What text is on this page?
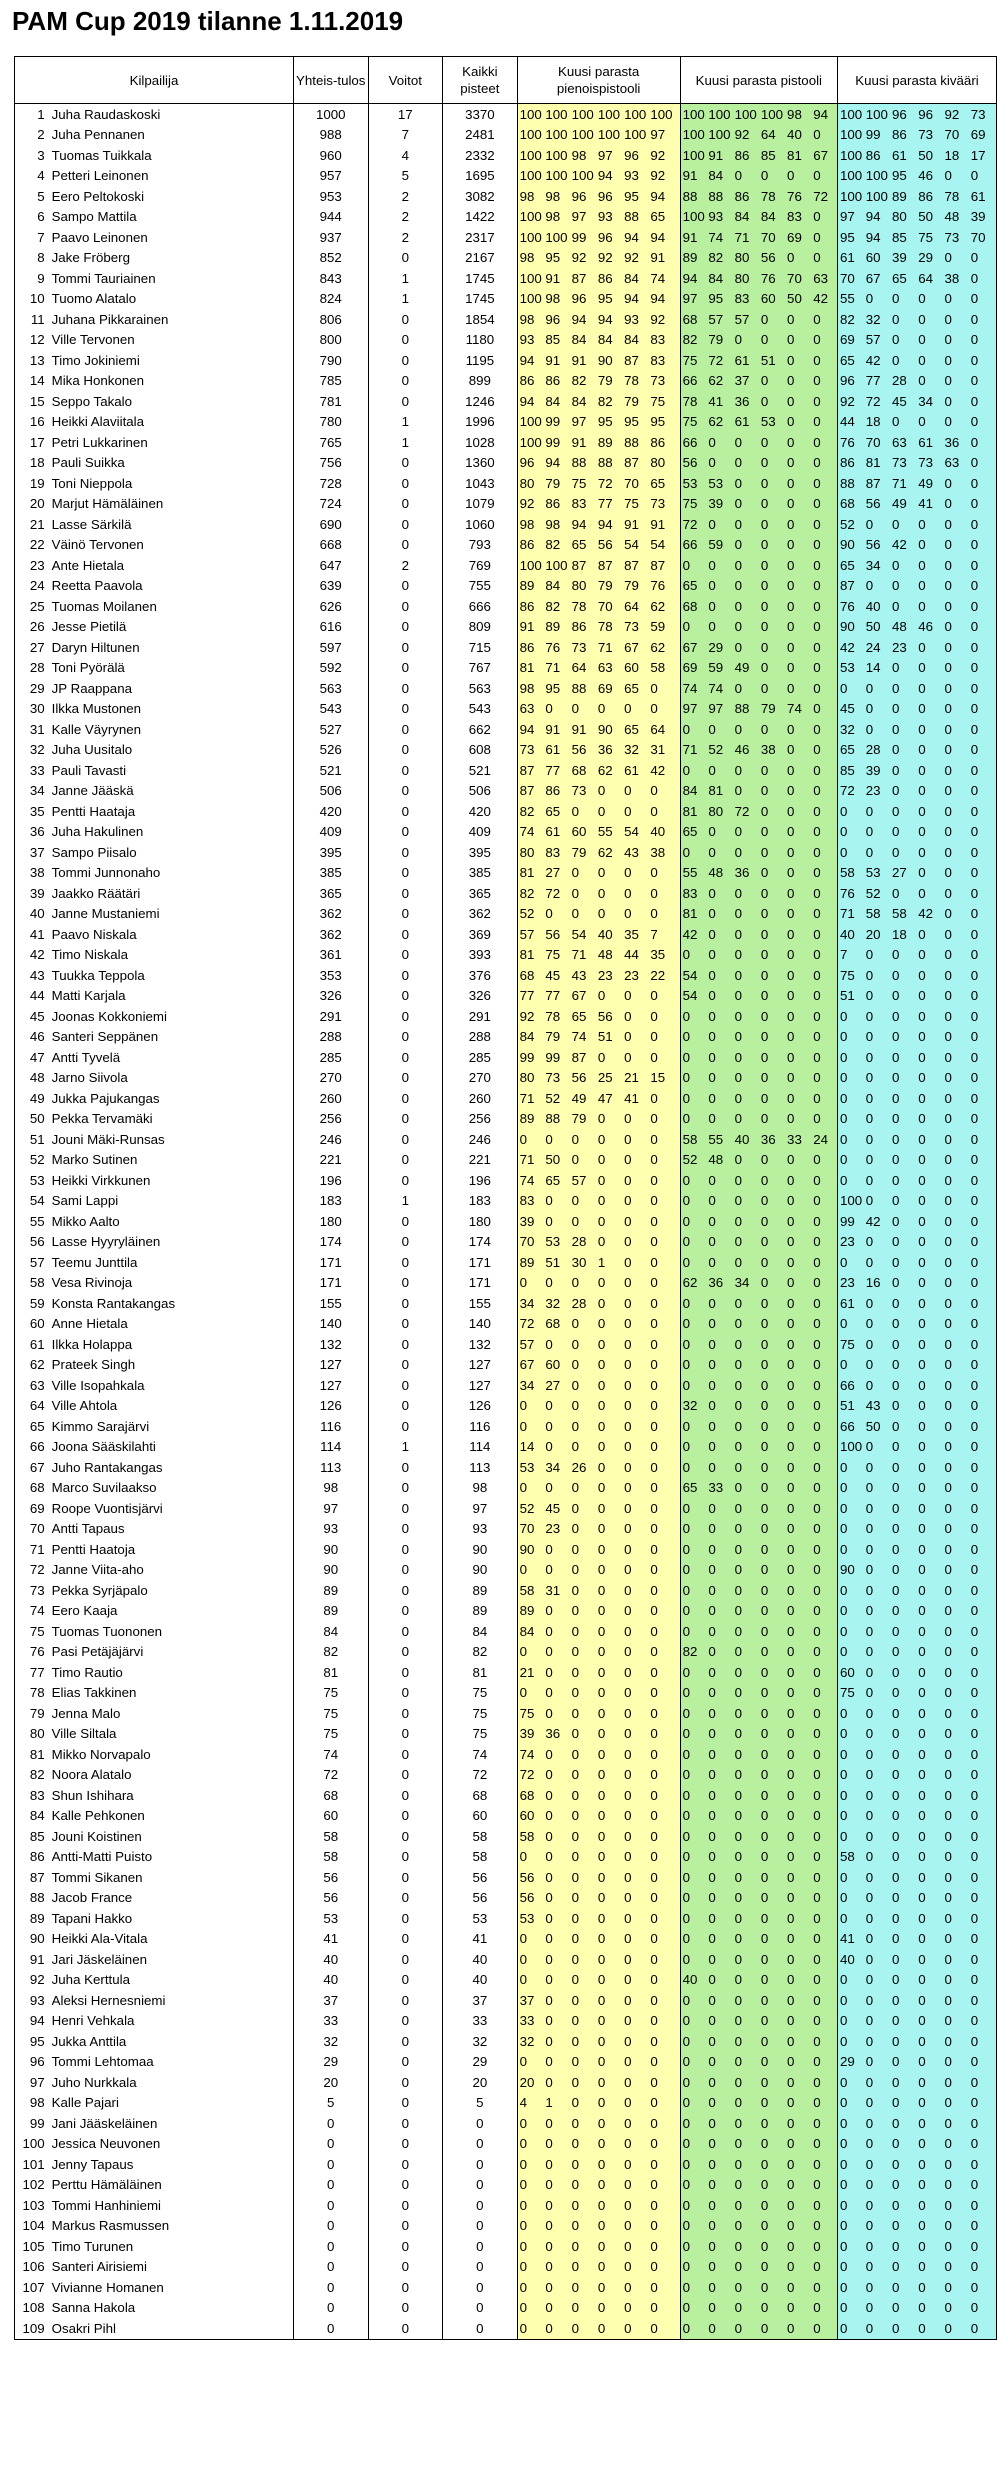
PAM Cup 2019 tilanne 1.11.2019
Kilpailija		Yhteis-tulos	Voitot	Kaikki pisteet	Kuusi parasta pienoispistooli						Kuusi parasta pistooli						Kuusi parasta kivääri					
1	Juha Raudaskoski	1000	17	3370	100	100	100	100	100	100	100	100	100	100	98	94	100	100	96	96	92	73
2	Juha Pennanen	988	7	2481	100	100	100	100	100	97	100	100	92	64	40	0	100	99	86	73	70	69
3	Tuomas Tuikkala	960	4	2332	100	100	98	97	96	92	100	91	86	85	81	67	100	86	61	50	18	17
4	Petteri Leinonen	957	5	1695	100	100	100	94	93	92	91	84	0	0	0	0	100	100	95	46	0	0
5	Eero Peltokoski	953	2	3082	98	98	96	96	95	94	88	88	86	78	76	72	100	100	89	86	78	61
6	Sampo Mattila	944	2	1422	100	98	97	93	88	65	100	93	84	84	83	0	97	94	80	50	48	39
7	Paavo Leinonen	937	2	2317	100	100	99	96	94	94	91	74	71	70	69	0	95	94	85	75	73	70
8	Jake Fröberg	852	0	2167	98	95	92	92	92	91	89	82	80	56	0	0	61	60	39	29	0	0
9	Tommi Tauriainen	843	1	1745	100	91	87	86	84	74	94	84	80	76	70	63	70	67	65	64	38	0
10	Tuomo Alatalo	824	1	1745	100	98	96	95	94	94	97	95	83	60	50	42	55	0	0	0	0	0
11	Juhana Pikkarainen	806	0	1854	98	96	94	94	93	92	68	57	57	0	0	0	82	32	0	0	0	0
12	Ville Tervonen	800	0	1180	93	85	84	84	84	83	82	79	0	0	0	0	69	57	0	0	0	0
13	Timo Jokiniemi	790	0	1195	94	91	91	90	87	83	75	72	61	51	0	0	65	42	0	0	0	0
14	Mika Honkonen	785	0	899	86	86	82	79	78	73	66	62	37	0	0	0	96	77	28	0	0	0
15	Seppo Takalo	781	0	1246	94	84	84	82	79	75	78	41	36	0	0	0	92	72	45	34	0	0
16	Heikki Alaviitala	780	1	1996	100	99	97	95	95	95	75	62	61	53	0	0	44	18	0	0	0	0
17	Petri Lukkarinen	765	1	1028	100	99	91	89	88	86	66	0	0	0	0	0	76	70	63	61	36	0
18	Pauli Suikka	756	0	1360	96	94	88	88	87	80	56	0	0	0	0	0	86	81	73	73	63	0
19	Toni Nieppola	728	0	1043	80	79	75	72	70	65	53	53	0	0	0	0	88	87	71	49	0	0
20	Marjut Hämäläinen	724	0	1079	92	86	83	77	75	73	75	39	0	0	0	0	68	56	49	41	0	0
21	Lasse Särkilä	690	0	1060	98	98	94	94	91	91	72	0	0	0	0	0	52	0	0	0	0	0
22	Väinö Tervonen	668	0	793	86	82	65	56	54	54	66	59	0	0	0	0	90	56	42	0	0	0
23	Ante Hietala	647	2	769	100	100	87	87	87	87	0	0	0	0	0	0	65	34	0	0	0	0
24	Reetta Paavola	639	0	755	89	84	80	79	79	76	65	0	0	0	0	0	87	0	0	0	0	0
25	Tuomas Moilanen	626	0	666	86	82	78	70	64	62	68	0	0	0	0	0	76	40	0	0	0	0
26	Jesse Pietilä	616	0	809	91	89	86	78	73	59	0	0	0	0	0	0	90	50	48	46	0	0
27	Daryn Hiltunen	597	0	715	86	76	73	71	67	62	67	29	0	0	0	0	42	24	23	0	0	0
28	Toni Pyörälä	592	0	767	81	71	64	63	60	58	69	59	49	0	0	0	53	14	0	0	0	0
29	JP Raappana	563	0	563	98	95	88	69	65	0	74	74	0	0	0	0	0	0	0	0	0	0
30	Ilkka Mustonen	543	0	543	63	0	0	0	0	0	97	97	88	79	74	0	45	0	0	0	0	0
31	Kalle Väyrynen	527	0	662	94	91	91	90	65	64	0	0	0	0	0	0	32	0	0	0	0	0
32	Juha Uusitalo	526	0	608	73	61	56	36	32	31	71	52	46	38	0	0	65	28	0	0	0	0
33	Pauli Tavasti	521	0	521	87	77	68	62	61	42	0	0	0	0	0	0	85	39	0	0	0	0
34	Janne Jääskä	506	0	506	87	86	73	0	0	0	84	81	0	0	0	0	72	23	0	0	0	0
35	Pentti Haataja	420	0	420	82	65	0	0	0	0	81	80	72	0	0	0	0	0	0	0	0	0
36	Juha Hakulinen	409	0	409	74	61	60	55	54	40	65	0	0	0	0	0	0	0	0	0	0	0
37	Sampo Piisalo	395	0	395	80	83	79	62	43	38	0	0	0	0	0	0	0	0	0	0	0	0
38	Tommi Junnonaho	385	0	385	81	27	0	0	0	0	55	48	36	0	0	0	58	53	27	0	0	0
39	Jaakko Räätäri	365	0	365	82	72	0	0	0	0	83	0	0	0	0	0	76	52	0	0	0	0
40	Janne Mustaniemi	362	0	362	52	0	0	0	0	0	81	0	0	0	0	0	71	58	58	42	0	0
41	Paavo Niskala	362	0	369	57	56	54	40	35	7	42	0	0	0	0	0	40	20	18	0	0	0
42	Timo Niskala	361	0	393	81	75	71	48	44	35	0	0	0	0	0	0	7	0	0	0	0	0
43	Tuukka Teppola	353	0	376	68	45	43	23	23	22	54	0	0	0	0	0	75	0	0	0	0	0
44	Matti Karjala	326	0	326	77	77	67	0	0	0	54	0	0	0	0	0	51	0	0	0	0	0
45	Joonas Kokkoniemi	291	0	291	92	78	65	56	0	0	0	0	0	0	0	0	0	0	0	0	0	0
46	Santeri Seppänen	288	0	288	84	79	74	51	0	0	0	0	0	0	0	0	0	0	0	0	0	0
47	Antti Tyvelä	285	0	285	99	99	87	0	0	0	0	0	0	0	0	0	0	0	0	0	0	0
48	Jarno Siivola	270	0	270	80	73	56	25	21	15	0	0	0	0	0	0	0	0	0	0	0	0
49	Jukka Pajukangas	260	0	260	71	52	49	47	41	0	0	0	0	0	0	0	0	0	0	0	0	0
50	Pekka Tervamäki	256	0	256	89	88	79	0	0	0	0	0	0	0	0	0	0	0	0	0	0	0
51	Jouni Mäki-Runsas	246	0	246	0	0	0	0	0	0	58	55	40	36	33	24	0	0	0	0	0	0
52	Marko Sutinen	221	0	221	71	50	0	0	0	0	52	48	0	0	0	0	0	0	0	0	0	0
53	Heikki Virkkunen	196	0	196	74	65	57	0	0	0	0	0	0	0	0	0	0	0	0	0	0	0
54	Sami Lappi	183	1	183	83	0	0	0	0	0	0	0	0	0	0	0	100	0	0	0	0	0
55	Mikko Aalto	180	0	180	39	0	0	0	0	0	0	0	0	0	0	0	99	42	0	0	0	0
56	Lasse Hyyryläinen	174	0	174	70	53	28	0	0	0	0	0	0	0	0	0	23	0	0	0	0	0
57	Teemu Junttila	171	0	171	89	51	30	1	0	0	0	0	0	0	0	0	0	0	0	0	0	0
58	Vesa Rivinoja	171	0	171	0	0	0	0	0	0	62	36	34	0	0	0	23	16	0	0	0	0
59	Konsta Rantakangas	155	0	155	34	32	28	0	0	0	0	0	0	0	0	0	61	0	0	0	0	0
60	Anne Hietala	140	0	140	72	68	0	0	0	0	0	0	0	0	0	0	0	0	0	0	0	0
61	Ilkka Holappa	132	0	132	57	0	0	0	0	0	0	0	0	0	0	0	75	0	0	0	0	0
62	Prateek Singh	127	0	127	67	60	0	0	0	0	0	0	0	0	0	0	0	0	0	0	0	0
63	Ville Isopahkala	127	0	127	34	27	0	0	0	0	0	0	0	0	0	0	66	0	0	0	0	0
64	Ville Ahtola	126	0	126	0	0	0	0	0	0	32	0	0	0	0	0	51	43	0	0	0	0
65	Kimmo Sarajärvi	116	0	116	0	0	0	0	0	0	0	0	0	0	0	0	66	50	0	0	0	0
66	Joona Sääskilahti	114	1	114	14	0	0	0	0	0	0	0	0	0	0	0	100	0	0	0	0	0
67	Juho Rantakangas	113	0	113	53	34	26	0	0	0	0	0	0	0	0	0	0	0	0	0	0	0
68	Marco Suvilaakso	98	0	98	0	0	0	0	0	0	65	33	0	0	0	0	0	0	0	0	0	0
69	Roope Vuontisjärvi	97	0	97	52	45	0	0	0	0	0	0	0	0	0	0	0	0	0	0	0	0
70	Antti Tapaus	93	0	93	70	23	0	0	0	0	0	0	0	0	0	0	0	0	0	0	0	0
71	Pentti Haatoja	90	0	90	90	0	0	0	0	0	0	0	0	0	0	0	0	0	0	0	0	0
72	Janne Viita-aho	90	0	90	0	0	0	0	0	0	0	0	0	0	0	0	90	0	0	0	0	0
73	Pekka Syrjäpalo	89	0	89	58	31	0	0	0	0	0	0	0	0	0	0	0	0	0	0	0	0
74	Eero Kaaja	89	0	89	89	0	0	0	0	0	0	0	0	0	0	0	0	0	0	0	0	0
75	Tuomas Tuononen	84	0	84	84	0	0	0	0	0	0	0	0	0	0	0	0	0	0	0	0	0
76	Pasi Petäjäjärvi	82	0	82	0	0	0	0	0	0	82	0	0	0	0	0	0	0	0	0	0	0
77	Timo Rautio	81	0	81	21	0	0	0	0	0	0	0	0	0	0	0	60	0	0	0	0	0
78	Elias Takkinen	75	0	75	0	0	0	0	0	0	0	0	0	0	0	0	75	0	0	0	0	0
79	Jenna Malo	75	0	75	75	0	0	0	0	0	0	0	0	0	0	0	0	0	0	0	0	0
80	Ville Siltala	75	0	75	39	36	0	0	0	0	0	0	0	0	0	0	0	0	0	0	0	0
81	Mikko Norvapalo	74	0	74	74	0	0	0	0	0	0	0	0	0	0	0	0	0	0	0	0	0
82	Noora Alatalo	72	0	72	72	0	0	0	0	0	0	0	0	0	0	0	0	0	0	0	0	0
83	Shun Ishihara	68	0	68	68	0	0	0	0	0	0	0	0	0	0	0	0	0	0	0	0	0
84	Kalle Pehkonen	60	0	60	60	0	0	0	0	0	0	0	0	0	0	0	0	0	0	0	0	0
85	Jouni Koistinen	58	0	58	58	0	0	0	0	0	0	0	0	0	0	0	0	0	0	0	0	0
86	Antti-Matti Puisto	58	0	58	0	0	0	0	0	0	0	0	0	0	0	0	58	0	0	0	0	0
87	Tommi Sikanen	56	0	56	56	0	0	0	0	0	0	0	0	0	0	0	0	0	0	0	0	0
88	Jacob France	56	0	56	56	0	0	0	0	0	0	0	0	0	0	0	0	0	0	0	0	0
89	Tapani Hakko	53	0	53	53	0	0	0	0	0	0	0	0	0	0	0	0	0	0	0	0	0
90	Heikki Ala-Vitala	41	0	41	0	0	0	0	0	0	0	0	0	0	0	0	41	0	0	0	0	0
91	Jari Jäskeläinen	40	0	40	0	0	0	0	0	0	0	0	0	0	0	0	40	0	0	0	0	0
92	Juha Kerttula	40	0	40	0	0	0	0	0	0	40	0	0	0	0	0	0	0	0	0	0	0
93	Aleksi Hernesniemi	37	0	37	37	0	0	0	0	0	0	0	0	0	0	0	0	0	0	0	0	0
94	Henri Vehkala	33	0	33	33	0	0	0	0	0	0	0	0	0	0	0	0	0	0	0	0	0
95	Jukka Anttila	32	0	32	32	0	0	0	0	0	0	0	0	0	0	0	0	0	0	0	0	0
96	Tommi Lehtomaa	29	0	29	0	0	0	0	0	0	0	0	0	0	0	0	29	0	0	0	0	0
97	Juho Nurkkala	20	0	20	20	0	0	0	0	0	0	0	0	0	0	0	0	0	0	0	0	0
98	Kalle Pajari	5	0	5	4	1	0	0	0	0	0	0	0	0	0	0	0	0	0	0	0	0
99	Jani Jääskeläinen	0	0	0	0	0	0	0	0	0	0	0	0	0	0	0	0	0	0	0	0	0
100	Jessica Neuvonen	0	0	0	0	0	0	0	0	0	0	0	0	0	0	0	0	0	0	0	0	0
101	Jenny Tapaus	0	0	0	0	0	0	0	0	0	0	0	0	0	0	0	0	0	0	0	0	0
102	Perttu Hämäläinen	0	0	0	0	0	0	0	0	0	0	0	0	0	0	0	0	0	0	0	0	0
103	Tommi Hanhiniemi	0	0	0	0	0	0	0	0	0	0	0	0	0	0	0	0	0	0	0	0	0
104	Markus Rasmussen	0	0	0	0	0	0	0	0	0	0	0	0	0	0	0	0	0	0	0	0	0
105	Timo Turunen	0	0	0	0	0	0	0	0	0	0	0	0	0	0	0	0	0	0	0	0	0
106	Santeri Airisiemi	0	0	0	0	0	0	0	0	0	0	0	0	0	0	0	0	0	0	0	0	0
107	Vivianne Homanen	0	0	0	0	0	0	0	0	0	0	0	0	0	0	0	0	0	0	0	0	0
108	Sanna Hakola	0	0	0	0	0	0	0	0	0	0	0	0	0	0	0	0	0	0	0	0	0
109	Osakri Pihl	0	0	0	0	0	0	0	0	0	0	0	0	0	0	0	0	0	0	0	0	0
